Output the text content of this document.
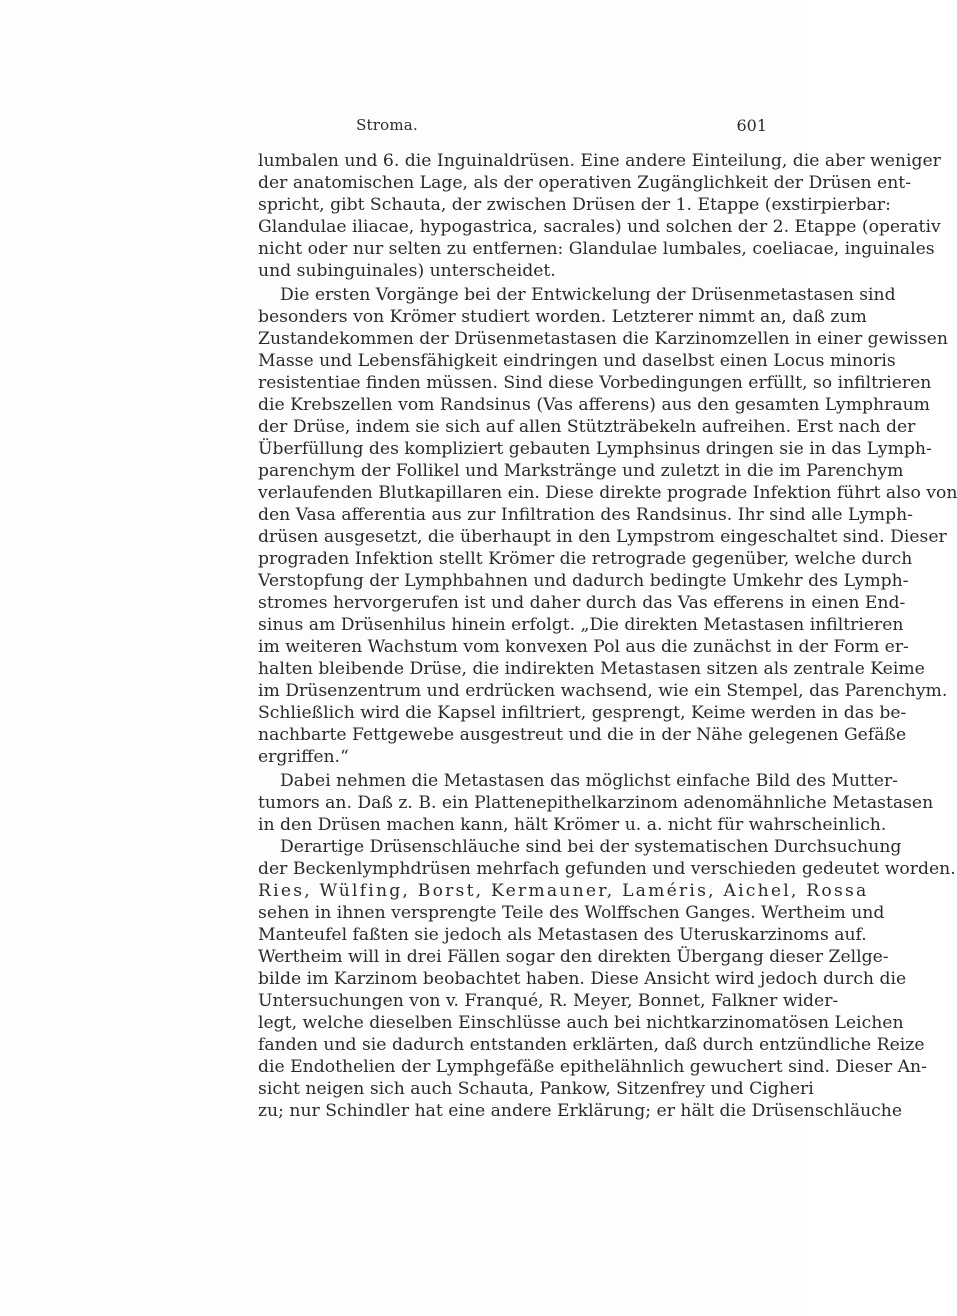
Stroma.	601
lumbalen und 6. die Inguinaldrüsen. Eine andere Einteilung, die aber weniger
der anatomischen Lage, als der operativen Zugänglichkeit der Drüsen ent-
spricht, gibt Schauta, der zwischen Drüsen der 1. Etappe (exstirpierbar:
Glandulae iliacae, hypogastrica, sacrales) und solchen der 2. Etappe (operativ
nicht oder nur selten zu entfernen: Glandulae lumbales, coeliacae, inguinales
und subinguinales) unterscheidet.
Die ersten Vorgänge bei der Entwickelung der Drüsenmetastasen sind
besonders von Krömer studiert worden. Letzterer nimmt an, daß zum
Zustandekommen der Drüsenmetastasen die Karzinomzellen in einer gewissen
Masse und Lebensfähigkeit eindringen und daselbst einen Locus minoris
resistentiae finden müssen. Sind diese Vorbedingungen erfüllt, so infiltrieren
die Krebszellen vom Randsinus (Vas afferens) aus den gesamten Lymphraum
der Drüse, indem sie sich auf allen Stützträbekeln aufreihen. Erst nach der
Überfüllung des kompliziert gebauten Lymphsinus dringen sie in das Lymph-
parenchym der Follikel und Markstränge und zuletzt in die im Parenchym
verlaufenden Blutkapillaren ein. Diese direkte prograde Infektion führt also von
den Vasa afferentia aus zur Infiltration des Randsinus. Ihr sind alle Lymph-
drüsen ausgesetzt, die überhaupt in den Lympstrom eingeschaltet sind. Dieser
prograden Infektion stellt Krömer die retrograde gegenüber, welche durch
Verstopfung der Lymphbahnen und dadurch bedingte Umkehr des Lymph-
stromes hervorgerufen ist und daher durch das Vas efferens in einen End-
sinus am Drüsenhilus hinein erfolgt. „Die direkten Metastasen infiltrieren
im weiteren Wachstum vom konvexen Pol aus die zunächst in der Form er-
halten bleibende Drüse, die indirekten Metastasen sitzen als zentrale Keime
im Drüsenzentrum und erdrücken wachsend, wie ein Stempel, das Parenchym.
Schließlich wird die Kapsel infiltriert, gesprengt, Keime werden in das be-
nachbarte Fettgewebe ausgestreut und die in der Nähe gelegenen Gefäße
ergriffen.“
Dabei nehmen die Metastasen das möglichst einfache Bild des Mutter-
tumors an. Daß z. B. ein Plattenepithelkarzinom adenomähnliche Metastasen
in den Drüsen machen kann, hält Krömer u. a. nicht für wahrscheinlich.
Derartige Drüsenschläuche sind bei der systematischen Durchsuchung
der Beckenlymphdrüsen mehrfach gefunden und verschieden gedeutet worden.
Ries, Wülfing, Borst, Kermauner, Laméris, Aichel, Rossa
sehen in ihnen versprengte Teile des Wolffschen Ganges. Wertheim und
Manteufel faßten sie jedoch als Metastasen des Uteruskarzinoms auf.
Wertheim will in drei Fällen sogar den direkten Übergang dieser Zellge-
bilde im Karzinom beobachtet haben. Diese Ansicht wird jedoch durch die
Untersuchungen von v. Franqué, R. Meyer, Bonnet, Falkner wider-
legt, welche dieselben Einschlüsse auch bei nichtkarzinomatösen Leichen
fanden und sie dadurch entstanden erklärten, daß durch entzündliche Reize
die Endothelien der Lymphgefäße epithelähnlich gewuchert sind. Dieser An-
sicht neigen sich auch Schauta, Pankow, Sitzenfrey und Cigheri
zu; nur Schindler hat eine andere Erklärung; er hält die Drüsenschläuche
